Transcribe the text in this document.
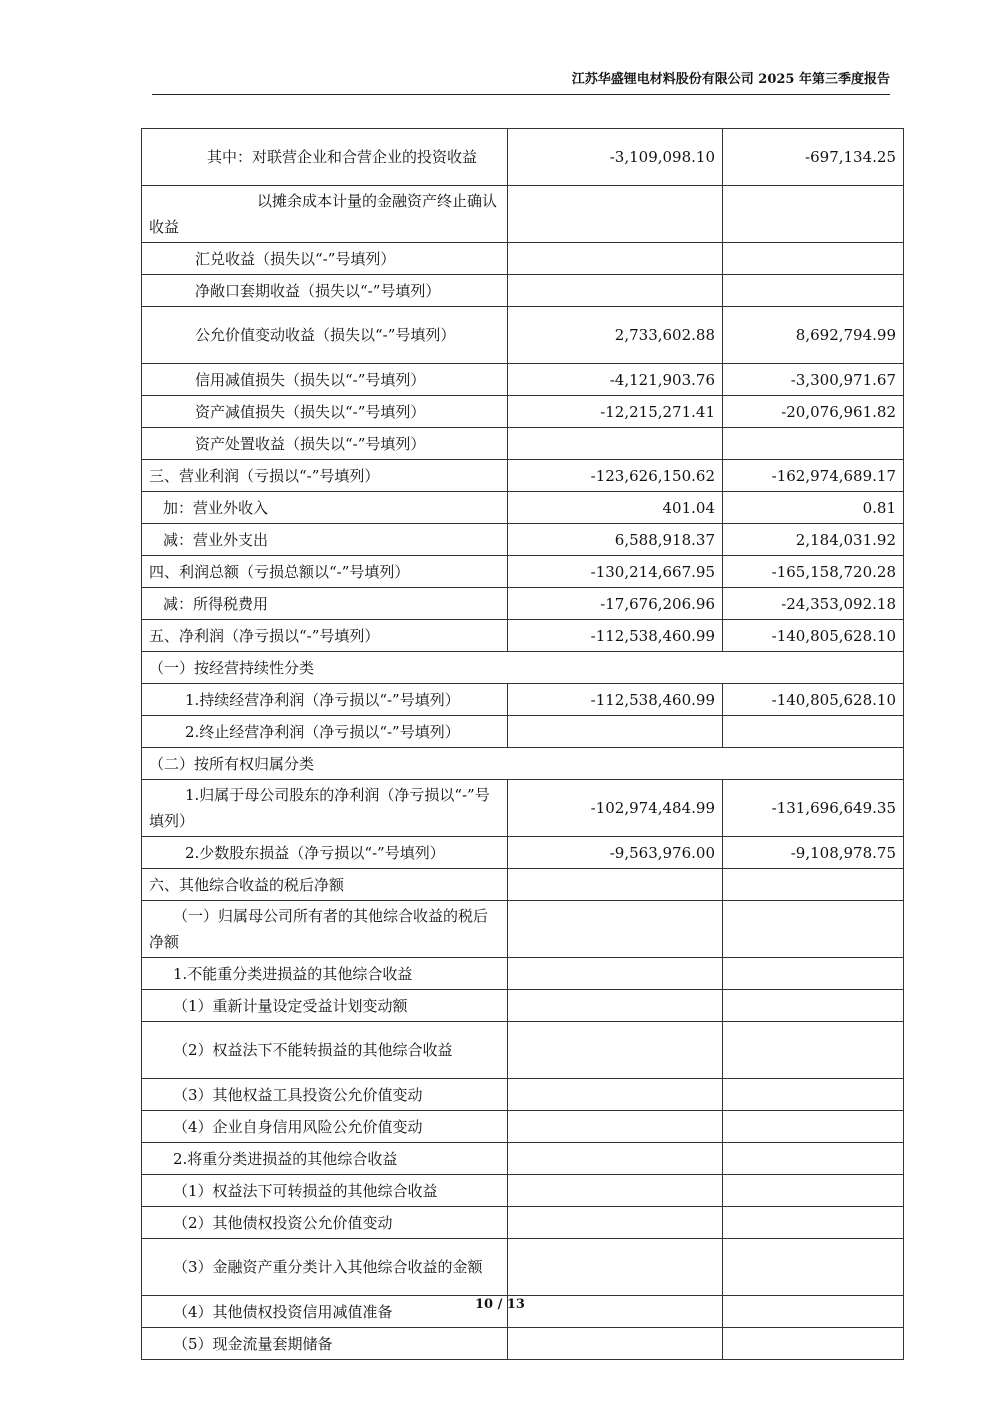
江苏华盛锂电材料股份有限公司 2025 年第三季度报告
其中：对联营企业和合营企业的投资收益	-3,109,098.10	-697,134.25
以摊余成本计量的金融资产终止确认收益		
汇兑收益（损失以“-”号填列）		
净敞口套期收益（损失以“-”号填列）		
公允价值变动收益（损失以“-”号填列）	2,733,602.88	8,692,794.99
信用减值损失（损失以“-”号填列）	-4,121,903.76	-3,300,971.67
资产减值损失（损失以“-”号填列）	-12,215,271.41	-20,076,961.82
资产处置收益（损失以“-”号填列）		
三、营业利润（亏损以“-”号填列）	-123,626,150.62	-162,974,689.17
加：营业外收入	401.04	0.81
减：营业外支出	6,588,918.37	2,184,031.92
四、利润总额（亏损总额以“-”号填列）	-130,214,667.95	-165,158,720.28
减：所得税费用	-17,676,206.96	-24,353,092.18
五、净利润（净亏损以“-”号填列）	-112,538,460.99	-140,805,628.10
（一）按经营持续性分类		
1.持续经营净利润（净亏损以“-”号填列）	-112,538,460.99	-140,805,628.10
2.终止经营净利润（净亏损以“-”号填列）		
（二）按所有权归属分类		
1.归属于母公司股东的净利润（净亏损以“-”号填列）	-102,974,484.99	-131,696,649.35
2.少数股东损益（净亏损以“-”号填列）	-9,563,976.00	-9,108,978.75
六、其他综合收益的税后净额		
（一）归属母公司所有者的其他综合收益的税后净额		
1.不能重分类进损益的其他综合收益		
（1）重新计量设定受益计划变动额		
（2）权益法下不能转损益的其他综合收益		
（3）其他权益工具投资公允价值变动		
（4）企业自身信用风险公允价值变动		
2.将重分类进损益的其他综合收益		
（1）权益法下可转损益的其他综合收益		
（2）其他债权投资公允价值变动		
（3）金融资产重分类计入其他综合收益的金额		
（4）其他债权投资信用减值准备		
（5）现金流量套期储备		
10 / 13
